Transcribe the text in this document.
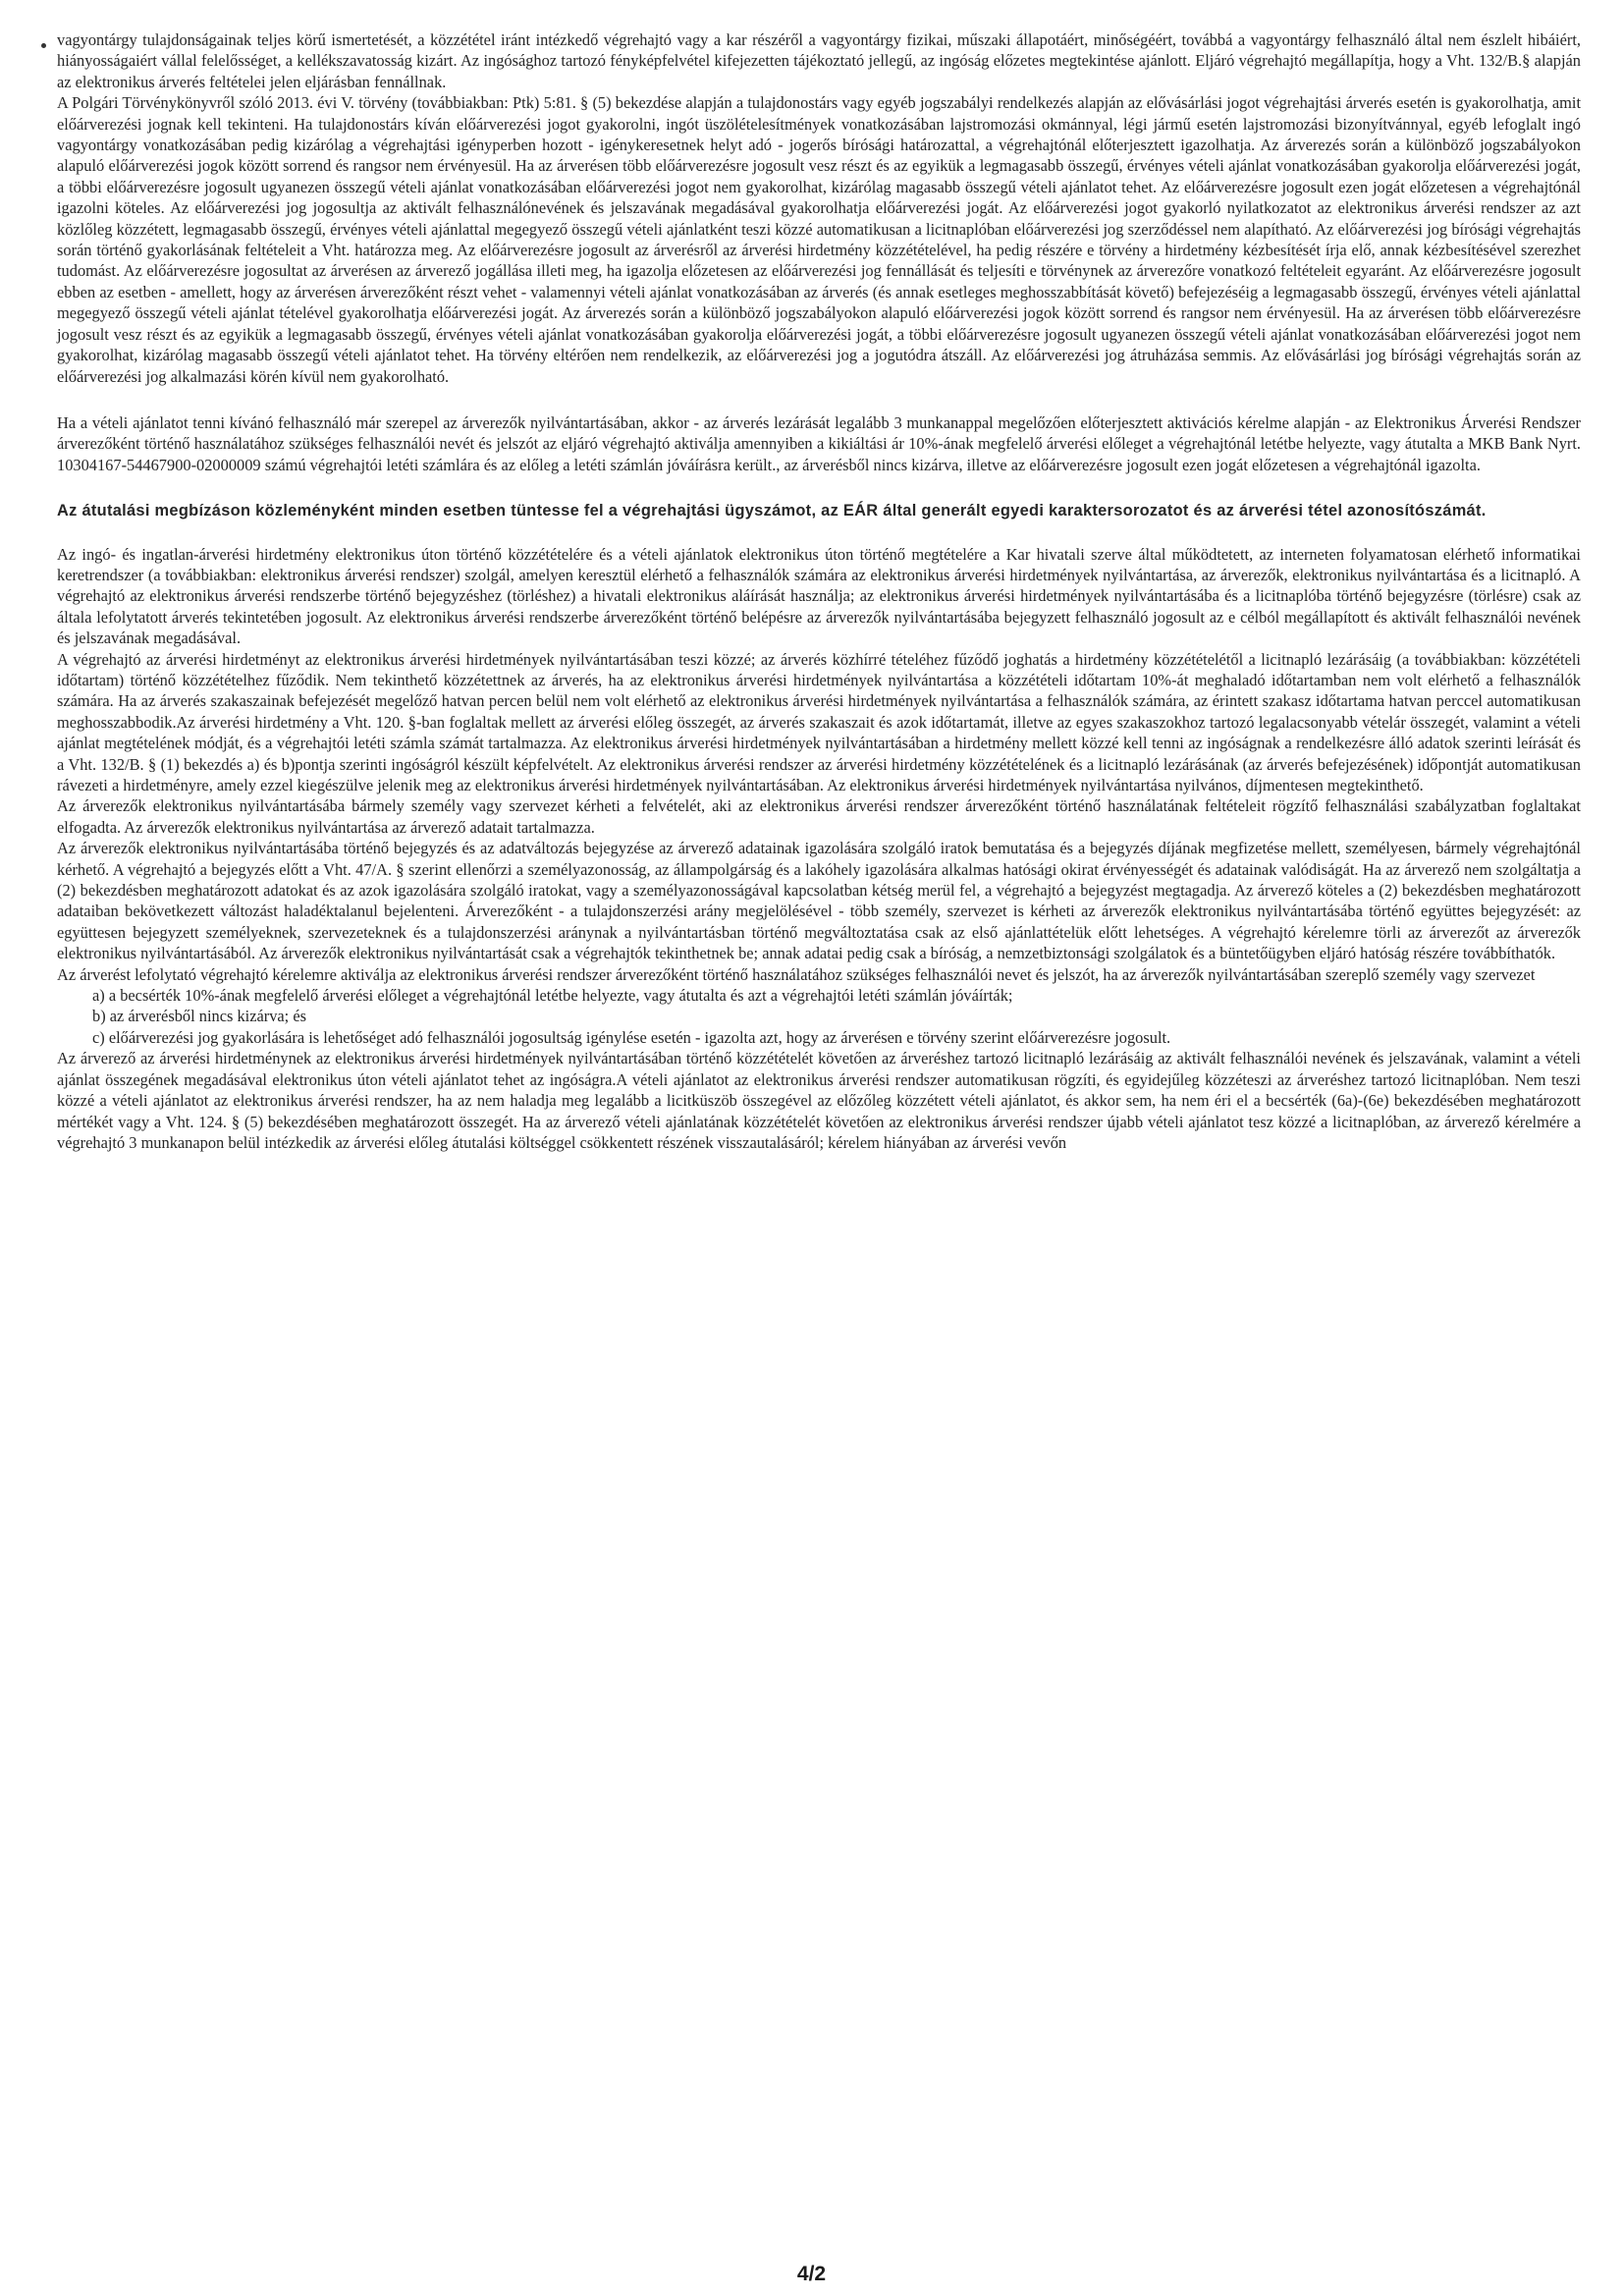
vagyontárgy tulajdonságainak teljes körű ismertetését, a közzététel iránt intézkedő végrehajtó vagy a kar részéről a vagyontárgy fizikai, műszaki állapotáért, minőségéért, továbbá a vagyontárgy felhasználó által nem észlelt hibáiért, hiányosságaiért vállal felelősséget, a kellékszavatosság kizárt. Az ingósághoz tartozó fényképfelvétel kifejezetten tájékoztató jellegű, az ingóság előzetes megtekintése ajánlott. Eljáró végrehajtó megállapítja, hogy a Vht. 132/B.§ alapján az elektronikus árverés feltételei jelen eljárásban fennállnak.

A Polgári Törvénykönyvről szóló 2013. évi V. törvény (továbbiakban: Ptk) 5:81. § (5) bekezdése alapján a tulajdonostárs vagy egyéb jogszabályi rendelkezés alapján az elővásárlási jogot végrehajtási árverés esetén is gyakorolhatja, amit előárverezési jognak kell tekinteni. Ha tulajdonostárs kíván előárverezési jogot gyakorolni, ingót üszölételesítmények vonatkozásában lajstromozási okmánnyal, légi jármű esetén lajstromozási bizonyítvánnyal, egyéb lefoglalt ingó vagyontárgy vonatkozásában pedig kizárólag a végrehajtási igényperben hozott - igénykeresetnek helyt adó - jogerős bírósági határozattal, a végrehajtónál előterjesztett igazolhatja. Az árverezés során a különböző jogszabályokon alapuló előárverezési jogok között sorrend és rangsor nem érvényesül. Ha az árverésen több előárverezésre jogosult vesz részt és az egyikük a legmagasabb összegű, érvényes vételi ajánlat vonatkozásában gyakorolja előárverezési jogát, a többi előárverezésre jogosult ugyanezen összegű vételi ajánlat vonatkozásában előárverezési jogot nem gyakorolhat, kizárólag magasabb összegű vételi ajánlatot tehet. Az előárverezésre jogosult ezen jogát előzetesen a végrehajtónál igazolni köteles. Az előárverezési jog jogosultja az aktivált felhasználónevének és jelszavának megadásával gyakorolhatja előárverezési jogát. Az előárverezési jogot gyakorló nyilatkozatot az elektronikus árverési rendszer az azt közlőleg közzétett, legmagasabb összegű, érvényes vételi ajánlattal megegyező összegű vételi ajánlatként teszi közzé automatikusan a licitnaplóban előárverezési jog szerződéssel nem alapítható. Az előárverezési jog bírósági végrehajtás során történő gyakorlásának feltételeit a Vht. határozza meg. Az előárverezésre jogosult az árverésről az árverési hirdetmény közzétételével, ha pedig részére e törvény a hirdetmény kézbesítését írja elő, annak kézbesítésével szerezhet tudomást. Az előárverezésre jogosultat az árverésen az árverező jogállása illeti meg, ha igazolja előzetesen az előárverezési jog fennállását és teljesíti e törvénynek az árverezőre vonatkozó feltételeit egyaránt. Az előárverezésre jogosult ebben az esetben - amellett, hogy az árverésen árverezőként részt vehet - valamennyi vételi ajánlat vonatkozásában az árverés (és annak esetleges meghosszabbítását követő) befejezéséig a legmagasabb összegű, érvényes vételi ajánlattal megegyező összegű vételi ajánlat tételével gyakorolhatja előárverezési jogát. Az árverezés során a különböző jogszabályokon alapuló előárverezési jogok között sorrend és rangsor nem érvényesül. Ha az árverésen több előárverezésre jogosult vesz részt és az egyikük a legmagasabb összegű, érvényes vételi ajánlat vonatkozásában gyakorolja előárverezési jogát, a többi előárverezésre jogosult ugyanezen összegű vételi ajánlat vonatkozásában előárverezési jogot nem gyakorolhat, kizárólag magasabb összegű vételi ajánlatot tehet. Ha törvény eltérően nem rendelkezik, az előárverezési jog a jogutódra átszáll. Az előárverezési jog átruházása semmis. Az elővásárlási jog bírósági végrehajtás során az előárverezési jog alkalmazási körén kívül nem gyakorolható.

Ha a vételi ajánlatot tenni kívánó felhasználó már szerepel az árverezők nyilvántartásában, akkor - az árverés lezárását legalább 3 munkanappal megelőzően előterjesztett aktivációs kérelme alapján - az Elektronikus Árverési Rendszer árverezőként történő használatához szükséges felhasználói nevét és jelszót az eljáró végrehajtó aktiválja amennyiben a kikiáltási ár 10%-ának megfelelő árverési előleget a végrehajtónál letétbe helyezte, vagy átutalta a MKB Bank Nyrt. 10304167-54467900-02000009 számú végrehajtói letéti számlára és az előleg a letéti számlán jóváírásra került., az árverésből nincs kizárva, illetve az előárverezésre jogosult ezen jogát előzetesen a végrehajtónál igazolta.

Az átutalási megbízáson közleményként minden esetben tüntesse fel a végrehajtási ügyszámot, az EÁR által generált egyedi karaktersorozatot és az árverési tétel azonosítószámát.

Az ingó- és ingatlan-árverési hirdetmény elektronikus úton történő közzétételére és a vételi ajánlatok elektronikus úton történő megtételére a Kar hivatali szerve által működtetett, az interneten folyamatosan elérhető informatikai keretrendszer (a továbbiakban: elektronikus árverési rendszer) szolgál, amelyen keresztül elérhető a felhasználók számára az elektronikus árverési hirdetmények nyilvántartása, az árverezők, elektronikus nyilvántartása és a licitnapló. A végrehajtó az elektronikus árverési rendszerbe történő bejegyzéshez (törléshez) a hivatali elektronikus aláírását használja; az elektronikus árverési hirdetmények nyilvántartásába és a licitnaplóba történő bejegyzésre (törlésre) csak az általa lefolytatott árverés tekintetében jogosult. Az elektronikus árverési rendszerbe árverezőként történő belépésre az árverezők nyilvántartásába bejegyzett felhasználó jogosult az e célból megállapított és aktivált felhasználói nevének és jelszavának megadásával.

A végrehajtó az árverési hirdetményt az elektronikus árverési hirdetmények nyilvántartásában teszi közzé; az árverés közhírré tételéhez fűződő joghatás a hirdetmény közzétételétől a licitnapló lezárásáig (a továbbiakban: közzétételi időtartam) történő közzétételhez fűződik. Nem tekinthető közzétettnek az árverés, ha az elektronikus árverési hirdetmények nyilvántartása a közzétételi időtartam 10%-át meghaladó időtartamban nem volt elérhető a felhasználók számára. Ha az árverés szakaszainak befejezését megelőző hatvan percen belül nem volt elérhető az elektronikus árverési hirdetmények nyilvántartása a felhasználók számára, az érintett szakasz időtartama hatvan perccel automatikusan meghosszabbodik.Az árverési hirdetmény a Vht. 120. §-ban foglaltak mellett az árverési előleg összegét, az árverés szakaszait és azok időtartamát, illetve az egyes szakaszokhoz tartozó legalacsonyabb vételár összegét, valamint a vételi ajánlat megtételének módját, és a végrehajtói letéti számla számát tartalmazza. Az elektronikus árverési hirdetmények nyilvántartásában a hirdetmény mellett közzé kell tenni az ingóságnak a rendelkezésre álló adatok szerinti leírását és a Vht. 132/B. § (1) bekezdés a) és b)pontja szerinti ingóságról készült képfelvételt. Az elektronikus árverési rendszer az árverési hirdetmény közzétételének és a licitnapló lezárásának (az árverés befejezésének) időpontját automatikusan rávezeti a hirdetményre, amely ezzel kiegészülve jelenik meg az elektronikus árverési hirdetmények nyilvántartásában. Az elektronikus árverési hirdetmények nyilvántartása nyilvános, díjmentesen megtekinthető.

Az árverezők elektronikus nyilvántartásába bármely személy vagy szervezet kérheti a felvételét, aki az elektronikus árverési rendszer árverezőként történő használatának feltételeit rögzítő felhasználási szabályzatban foglaltakat elfogadta. Az árverezők elektronikus nyilvántartása az árverező adatait tartalmazza.

Az árverezők elektronikus nyilvántartásába történő bejegyzés és az adatváltozás bejegyzése az árverező adatainak igazolására szolgáló iratok bemutatása és a bejegyzés díjának megfizetése mellett, személyesen, bármely végrehajtónál kérhető. A végrehajtó a bejegyzés előtt a Vht. 47/A. § szerint ellenőrzi a személyazonosság, az állampolgárság és a lakóhely igazolására alkalmas hatósági okirat érvényességét és adatainak valódiságát. Ha az árverező nem szolgáltatja a (2) bekezdésben meghatározott adatokat és az azok igazolására szolgáló iratokat, vagy a személyazonosságával kapcsolatban kétség merül fel, a végrehajtó a bejegyzést megtagadja. Az árverező köteles a (2) bekezdésben meghatározott adataiban bekövetkezett változást haladéktalanul bejelenteni. Árverezőként - a tulajdonszerzési arány megjelölésével - több személy, szervezet is kérheti az árverezők elektronikus nyilvántartásába történő együttes bejegyzését: az együttesen bejegyzett személyeknek, szervezeteknek és a tulajdonszerzési aránynak a nyilvántartásban történő megváltoztatása csak az első ajánlattételük előtt lehetséges. A végrehajtó kérelemre törli az árverezőt az árverezők elektronikus nyilvántartásából. Az árverezők elektronikus nyilvántartását csak a végrehajtók tekinthetnek be; annak adatai pedig csak a bíróság, a nemzetbiztonsági szolgálatok és a büntetőügyben eljáró hatóság részére továbbíthatók.

Az árverést lefolytató végrehajtó kérelemre aktiválja az elektronikus árverési rendszer árverezőként történő használatához szükséges felhasználói nevet és jelszót, ha az árverezők nyilvántartásában szereplő személy vagy szervezet

a) a becsérték 10%-ának megfelelő árverési előleget a végrehajtónál letétbe helyezte, vagy átutalta és azt a végrehajtói letéti számlán jóváírták;

b) az árverésből nincs kizárva; és

c) előárverezési jog gyakorlására is lehetőséget adó felhasználói jogosultság igénylése esetén - igazolta azt, hogy az árverésen e törvény szerint előárverezésre jogosult.

Az árverező az árverési hirdetménynek az elektronikus árverési hirdetmények nyilvántartásában történő közzétételét követően az árveréshez tartozó licitnapló lezárásáig az aktivált felhasználói nevének és jelszavának, valamint a vételi ajánlat összegének megadásával elektronikus úton vételi ajánlatot tehet az ingóságra.A vételi ajánlatot az elektronikus árverési rendszer automatikusan rögzíti, és egyidejűleg közzéteszi az árveréshez tartozó licitnaplóban. Nem teszi közzé a vételi ajánlatot az elektronikus árverési rendszer, ha az nem haladja meg legalább a licitküszöb összegével az előzőleg közzétett vételi ajánlatot, és akkor sem, ha nem éri el a becsérték (6a)-(6e) bekezdésében meghatározott mértékét vagy a Vht. 124. § (5) bekezdésében meghatározott összegét. Ha az árverező vételi ajánlatának közzétételét követően az elektronikus árverési rendszer újabb vételi ajánlatot tesz közzé a licitnaplóban, az árverező kérelmére a végrehajtó 3 munkanapon belül intézkedik az árverési előleg átutalási költséggel csökkentett részének visszautalásáról; kérelem hiányában az árverési vevőn

4/2
